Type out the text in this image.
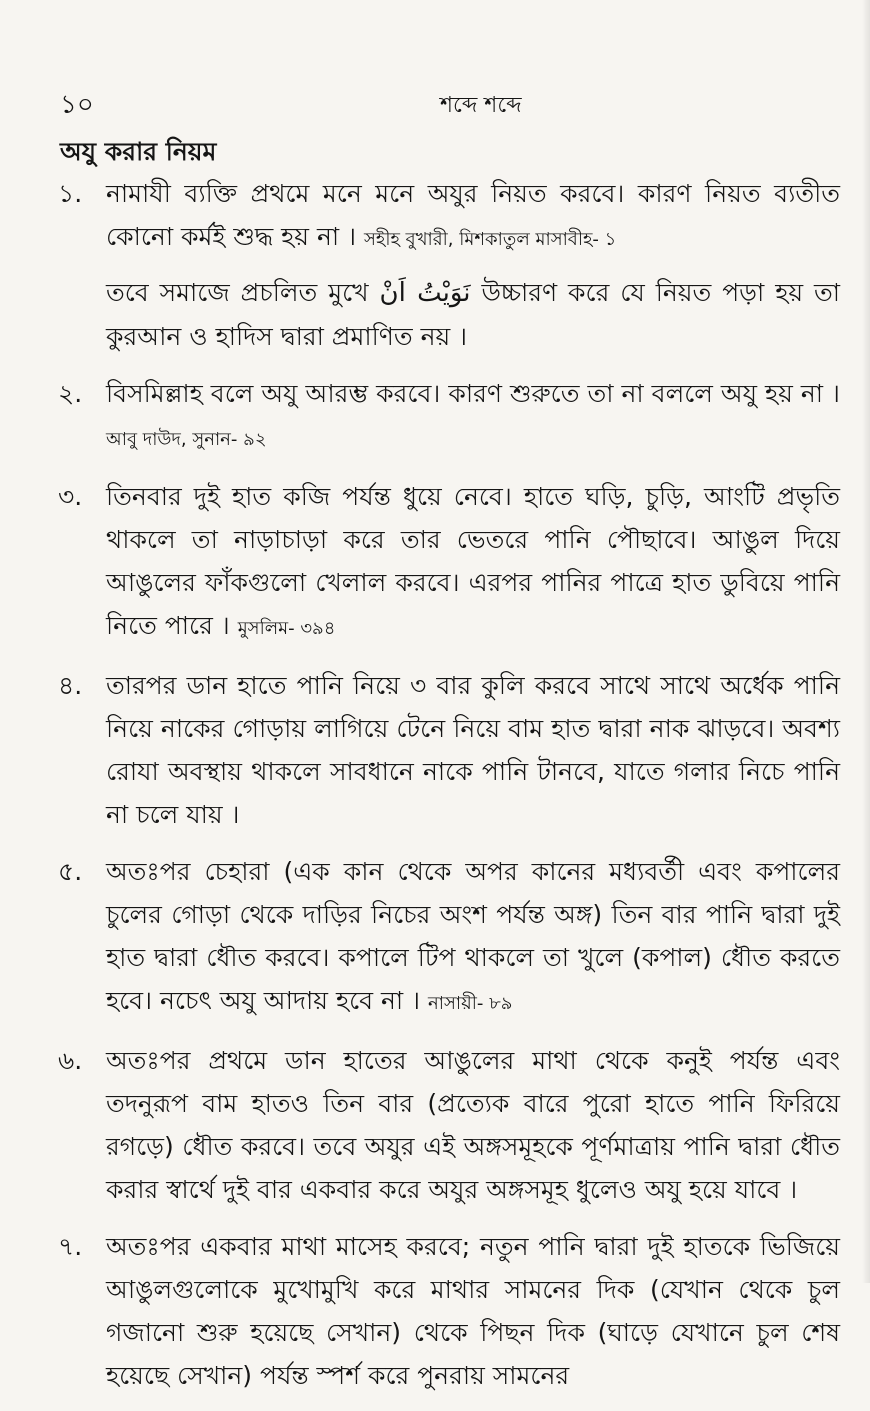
১০	শব্দে শব্দে
অযু করার নিয়ম
১. নামাযী ব্যক্তি প্রথমে মনে মনে অযুর নিয়ত করবে। কারণ নিয়ত ব্যতীত কোনো কর্মই শুদ্ধ হয় না । সহীহ বুখারী, মিশকাতুল মাসাবীহ- ১
তবে সমাজে প্রচলিত মুখে نَوَيْتُ اَنْ উচ্চারণ করে যে নিয়ত পড়া হয় তা কুরআন ও হাদিস দ্বারা প্রমাণিত নয় ।
২. বিসমিল্লাহ বলে অযু আরম্ভ করবে। কারণ শুরুতে তা না বললে অযু হয় না । আবু দাউদ, সুনান- ৯২
৩. তিনবার দুই হাত কজি পর্যন্ত ধুয়ে নেবে। হাতে ঘড়ি, চুড়ি, আংটি প্রভৃতি থাকলে তা নাড়াচাড়া করে তার ভেতরে পানি পৌছাবে। আঙুল দিয়ে আঙুলের ফাঁকগুলো খেলাল করবে। এরপর পানির পাত্রে হাত ডুবিয়ে পানি নিতে পারে । মুসলিম- ৩৯৪
৪. তারপর ডান হাতে পানি নিয়ে ৩ বার কুলি করবে সাথে সাথে অর্ধেক পানি নিয়ে নাকের গোড়ায় লাগিয়ে টেনে নিয়ে বাম হাত দ্বারা নাক ঝাড়বে। অবশ্য রোযা অবস্থায় থাকলে সাবধানে নাকে পানি টানবে, যাতে গলার নিচে পানি না চলে যায় ।
৫. অতঃপর চেহারা (এক কান থেকে অপর কানের মধ্যবর্তী এবং কপালের চুলের গোড়া থেকে দাড়ির নিচের অংশ পর্যন্ত অঙ্গ) তিন বার পানি দ্বারা দুই হাত দ্বারা ধৌত করবে। কপালে টিপ থাকলে তা খুলে (কপাল) ধৌত করতে হবে। নচেৎ অযু আদায় হবে না । নাসায়ী- ৮৯
৬. অতঃপর প্রথমে ডান হাতের আঙুলের মাথা থেকে কনুই পর্যন্ত এবং তদনুরূপ বাম হাতও তিন বার (প্রত্যেক বারে পুরো হাতে পানি ফিরিয়ে রগড়ে) ধৌত করবে। তবে অযুর এই অঙ্গসমূহকে পূর্ণমাত্রায় পানি দ্বারা ধৌত করার স্বার্থে দুই বার একবার করে অযুর অঙ্গসমূহ ধুলেও অযু হয়ে যাবে ।
৭. অতঃপর একবার মাথা মাসেহ করবে; নতুন পানি দ্বারা দুই হাতকে ভিজিয়ে আঙুলগুলোকে মুখোমুখি করে মাথার সামনের দিক (যেখান থেকে চুল গজানো শুরু হয়েছে সেখান) থেকে পিছন দিক (ঘাড়ে যেখানে চুল শেষ হয়েছে সেখান) পর্যন্ত স্পর্শ করে পুনরায় সামনের
